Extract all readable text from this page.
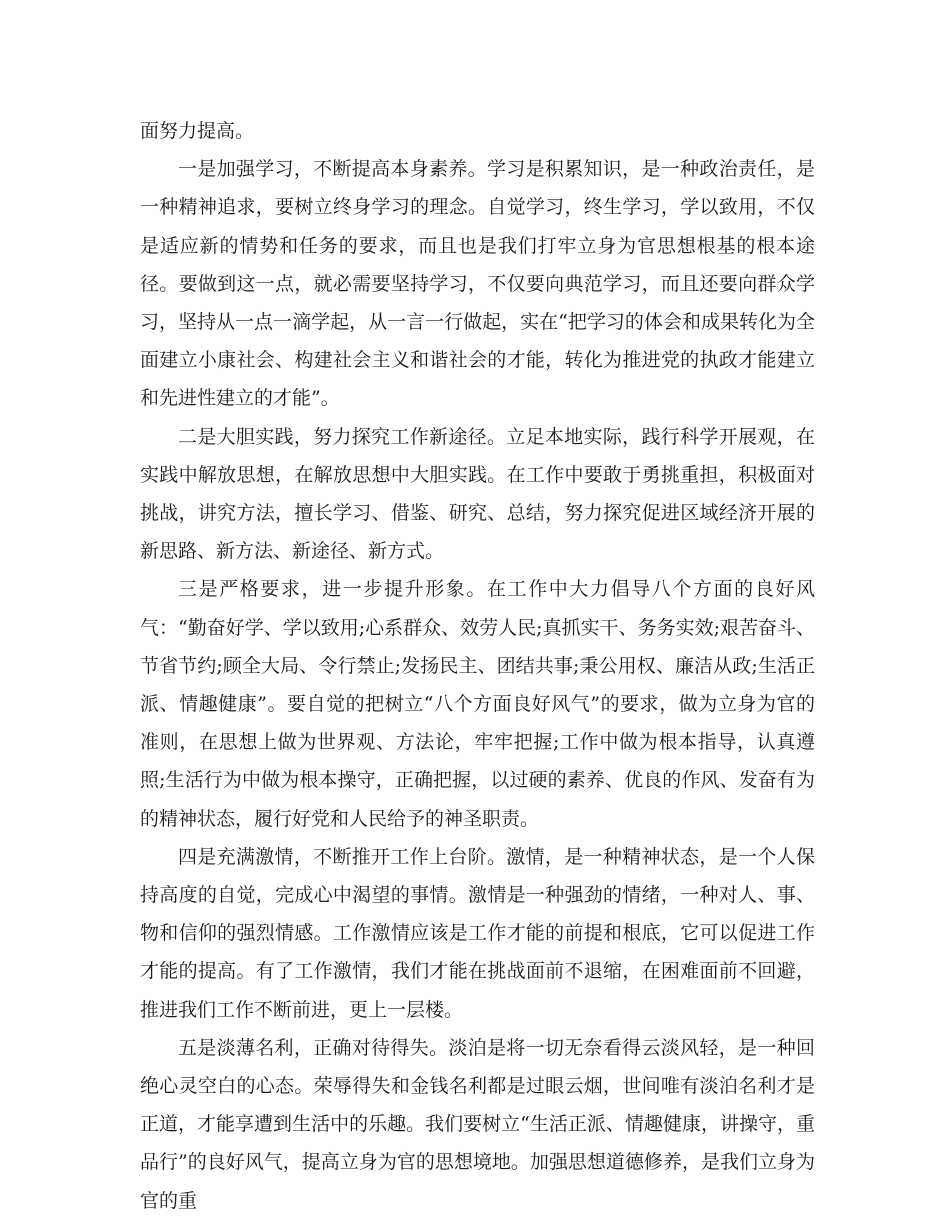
面努力提高。

一是加强学习，不断提高本身素养。学习是积累知识，是一种政治责任，是一种精神追求，要树立终身学习的理念。自觉学习，终生学习，学以致用，不仅是适应新的情势和任务的要求，而且也是我们打牢立身为官思想根基的根本途径。要做到这一点，就必需要坚持学习，不仅要向典范学习，而且还要向群众学习，坚持从一点一滴学起，从一言一行做起，实在“把学习的体会和成果转化为全面建立小康社会、构建社会主义和谐社会的才能，转化为推进党的执政才能建立和先进性建立的才能”。

二是大胆实践，努力探究工作新途径。立足本地实际，践行科学开展观，在实践中解放思想，在解放思想中大胆实践。在工作中要敢于勇挑重担，积极面对挑战，讲究方法，擅长学习、借鉴、研究、总结，努力探究促进区域经济开展的新思路、新方法、新途径、新方式。

三是严格要求，进一步提升形象。在工作中大力倡导八个方面的良好风气：“勤奋好学、学以致用;心系群众、效劳人民;真抓实干、务务实效;艰苦奋斗、节省节约;顾全大局、令行禁止;发扬民主、团结共事;秉公用权、廉洁从政;生活正派、情趣健康”。要自觉的把树立“八个方面良好风气”的要求，做为立身为官的准则，在思想上做为世界观、方法论，牢牢把握;工作中做为根本指导，认真遵照;生活行为中做为根本操守，正确把握，以过硬的素养、优良的作风、发奋有为的精神状态，履行好党和人民给予的神圣职责。

四是充满激情，不断推开工作上台阶。激情，是一种精神状态，是一个人保持高度的自觉，完成心中渴望的事情。激情是一种强劲的情绪，一种对人、事、物和信仰的强烈情感。工作激情应该是工作才能的前提和根底，它可以促进工作才能的提高。有了工作激情，我们才能在挑战面前不退缩，在困难面前不回避，推进我们工作不断前进，更上一层楼。

五是淡薄名利，正确对待得失。淡泊是将一切无奈看得云淡风轻，是一种回绝心灵空白的心态。荣辱得失和金钱名利都是过眼云烟，世间唯有淡泊名利才是正道，才能享遭到生活中的乐趣。我们要树立“生活正派、情趣健康，讲操守，重品行”的良好风气，提高立身为官的思想境地。加强思想道德修养，是我们立身为官的重
